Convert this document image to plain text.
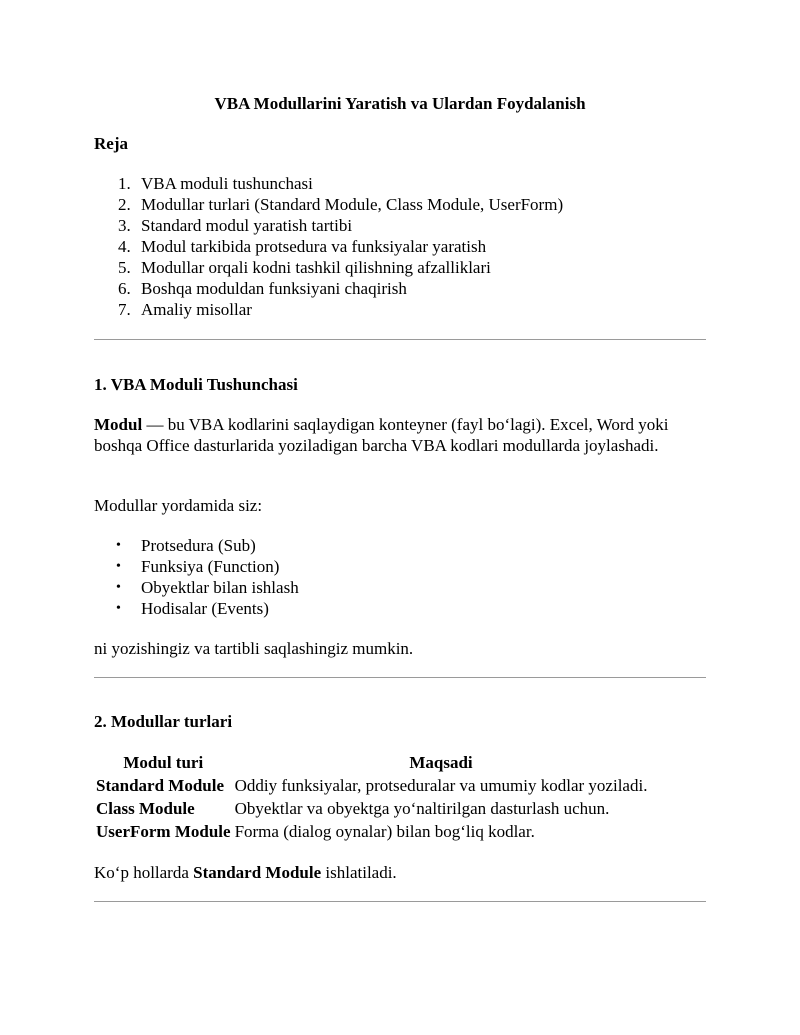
VBA Modullarini Yaratish va Ulardan Foydalanish
Reja
1. VBA moduli tushunchasi
2. Modullar turlari (Standard Module, Class Module, UserForm)
3. Standard modul yaratish tartibi
4. Modul tarkibida protsedura va funksiyalar yaratish
5. Modullar orqali kodni tashkil qilishning afzalliklari
6. Boshqa moduldan funksiyani chaqirish
7. Amaliy misollar
1. VBA Moduli Tushunchasi

Modul — bu VBA kodlarini saqlaydigan konteyner (fayl bo‘lagi). Excel, Word yoki boshqa Office dasturlarida yoziladigan barcha VBA kodlari modullarda joylashadi.

Modullar yordamida siz:

• Protsedura (Sub)
• Funksiya (Function)
• Obyektlar bilan ishlash
• Hodisalar (Events)

ni yozishingiz va tartibli saqlashingiz mumkin.

2. Modullar turlari
Modul turi	Maqsadi
Standard Module	Oddiy funksiyalar, protseduralar va umumiy kodlar yoziladi.
Class Module	Obyektlar va obyektga yo‘naltirilgan dasturlash uchun.
UserForm Module	Forma (dialog oynalar) bilan bog‘liq kodlar.

Ko‘p hollarda Standard Module ishlatiladi.
